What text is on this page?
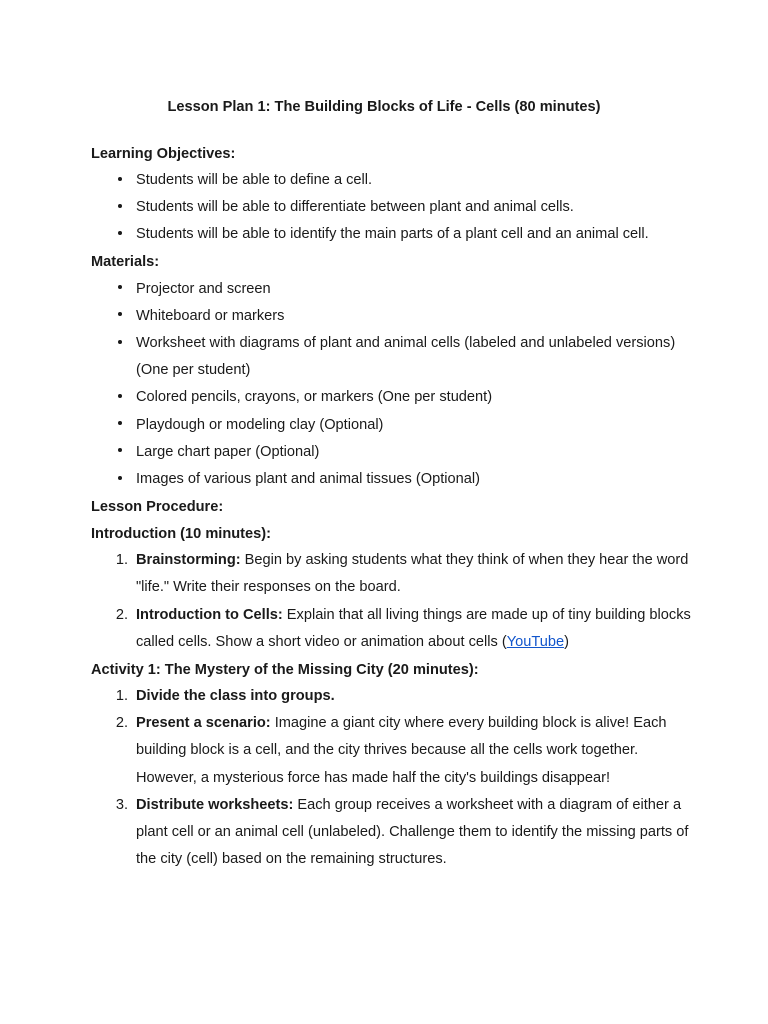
Lesson Plan 1: The Building Blocks of Life - Cells (80 minutes)

Learning Objectives:

Students will be able to define a cell.
Students will be able to differentiate between plant and animal cells.
Students will be able to identify the main parts of a plant cell and an animal cell.

Materials:

Projector and screen
Whiteboard or markers
Worksheet with diagrams of plant and animal cells (labeled and unlabeled versions) (One per student)
Colored pencils, crayons, or markers (One per student)
Playdough or modeling clay (Optional)
Large chart paper (Optional)
Images of various plant and animal tissues (Optional)

Lesson Procedure:

Introduction (10 minutes):

1. Brainstorming: Begin by asking students what they think of when they hear the word "life." Write their responses on the board.
2. Introduction to Cells: Explain that all living things are made up of tiny building blocks called cells. Show a short video or animation about cells (YouTube)

Activity 1: The Mystery of the Missing City (20 minutes):

1. Divide the class into groups.
2. Present a scenario: Imagine a giant city where every building block is alive! Each building block is a cell, and the city thrives because all the cells work together. However, a mysterious force has made half the city's buildings disappear!
3. Distribute worksheets: Each group receives a worksheet with a diagram of either a plant cell or an animal cell (unlabeled). Challenge them to identify the missing parts of the city (cell) based on the remaining structures.
